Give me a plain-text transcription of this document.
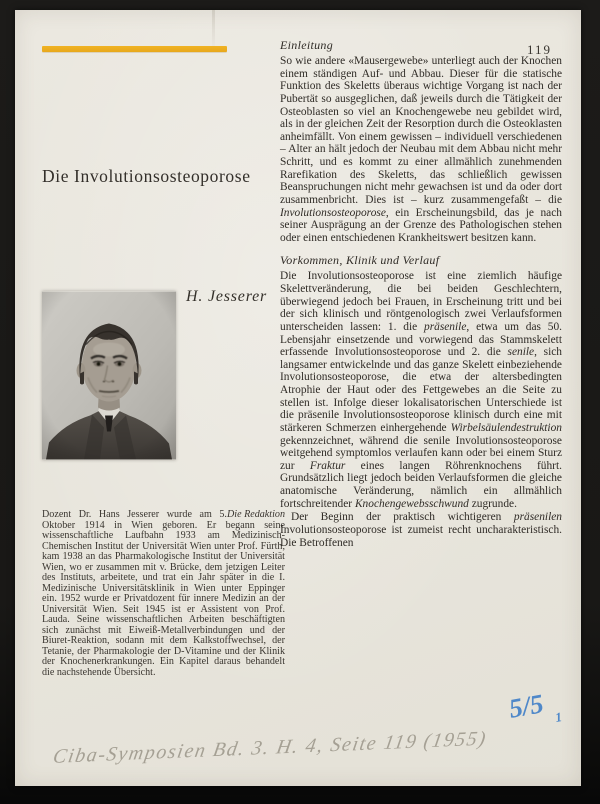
119
Die Involutionsosteoporose
H. Jesserer
Die Redaktion
Dozent Dr. Hans Jesserer wurde am 5. Oktober 1914 in Wien geboren. Er begann seine wissenschaftliche Laufbahn 1933 am Medizinisch-Chemischen Institut der Universität Wien unter Prof. Fürth, kam 1938 an das Pharmakologische Institut der Universität Wien, wo er zusammen mit v. Brücke, dem jetzigen Leiter des Instituts, arbeitete, und trat ein Jahr später in die I. Medizinische Universitätsklinik in Wien unter Eppinger ein. 1952 wurde er Privatdozent für innere Medizin an der Universität Wien. Seit 1945 ist er Assistent von Prof. Lauda. Seine wissenschaftlichen Arbeiten beschäftigten sich zunächst mit Eiweiß-Metallverbindungen und der Biuret-Reaktion, sodann mit dem Kalkstoffwechsel, der Tetanie, der Pharmakologie der D-Vitamine und der Klinik der Knochenerkrankungen. Ein Kapitel daraus behandelt die nachstehende Übersicht.
Einleitung

So wie andere «Mausergewebe» unterliegt auch der Knochen einem ständigen Auf- und Abbau. Dieser für die statische Funktion des Skeletts überaus wichtige Vorgang ist nach der Pubertät so ausgeglichen, daß jeweils durch die Tätigkeit der Osteoblasten so viel an Knochengewebe neu gebildet wird, als in der gleichen Zeit der Resorption durch die Osteoklasten anheimfällt. Von einem gewissen – individuell verschiedenen – Alter an hält jedoch der Neubau mit dem Abbau nicht mehr Schritt, und es kommt zu einer allmählich zunehmenden Rarefikation des Skeletts, das schließlich gewissen Beanspruchungen nicht mehr gewachsen ist und da oder dort zusammenbricht. Dies ist – kurz zusammengefaßt – die Involutionsosteoporose, ein Erscheinungsbild, das je nach seiner Ausprägung an der Grenze des Pathologischen stehen oder einen entschiedenen Krankheitswert besitzen kann.

Vorkommen, Klinik und Verlauf

Die Involutionsosteoporose ist eine ziemlich häufige Skelettveränderung, die bei beiden Geschlechtern, überwiegend jedoch bei Frauen, in Erscheinung tritt und bei der sich klinisch und röntgenologisch zwei Verlaufsformen unterscheiden lassen: 1. die präsenile, etwa um das 50. Lebensjahr einsetzende und vorwiegend das Stammskelett erfassende Involutionsosteoporose und 2. die senile, sich langsamer entwickelnde und das ganze Skelett einbeziehende Involutionsosteoporose, die etwa der altersbedingten Atrophie der Haut oder des Fettgewebes an die Seite zu stellen ist. Infolge dieser lokalisatorischen Unterschiede ist die präsenile Involutionsosteoporose klinisch durch eine mit stärkeren Schmerzen einhergehende Wirbelsäulendestruktion gekennzeichnet, während die senile Involutionsosteoporose weitgehend symptomlos verlaufen kann oder bei einem Sturz zur Fraktur eines langen Röhrenknochens führt. Grundsätzlich liegt jedoch beiden Verlaufsformen die gleiche anatomische Veränderung, nämlich ein allmählich fortschreitender Knochengewebsschwund zugrunde.

Der Beginn der praktisch wichtigeren präsenilen Involutionsosteoporose ist zumeist recht uncharakteristisch. Die Betroffenen

Ciba-Symposien Bd. 3. H. 4, Seite 119 (1955)
5/5 1
